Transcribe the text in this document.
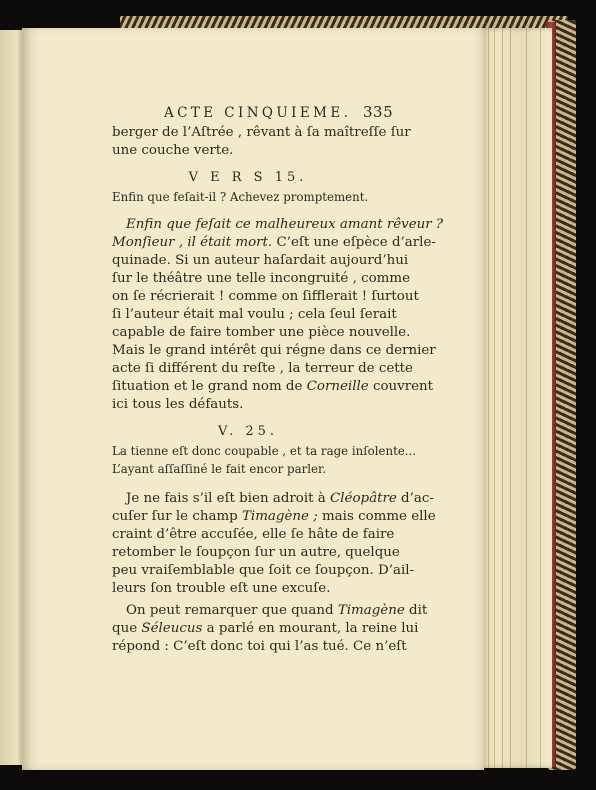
ACTE CINQUIEME. 335
berger de l’Aſtrée , rêvant à ſa maîtreſſe ſur
une couche verte.
V E R S 15.
Enfin que feſait-il ? Achevez promptement.
Enfin que feſait ce malheureux amant rêveur ?
Monſieur , il était mort. C’eſt une eſpèce d’arle-
quinade. Si un auteur haſardait aujourd’hui
ſur le théâtre une telle incongruité , comme
on ſe récrierait ! comme on ſifflerait ! ſurtout
ſi l’auteur était mal voulu ; cela ſeul ſerait
capable de faire tomber une pièce nouvelle.
Mais le grand intérêt qui régne dans ce dernier
acte ſi différent du reſte , la terreur de cette
ſituation et le grand nom de Corneille couvrent
ici tous les défauts.
V. 25.
La tienne eſt donc coupable , et ta rage inſolente...
L’ayant aſſaſſiné le fait encor parler.
Je ne fais s’il eſt bien adroit à Cléopâtre d’ac-
cuſer ſur le champ Timagène ; mais comme elle
craint d’être accuſée, elle ſe hâte de faire
retomber le ſoupçon ſur un autre, quelque
peu vraiſemblable que ſoit ce ſoupçon. D’ail-
leurs ſon trouble eſt une excuſe.
On peut remarquer que quand Timagène dit
que Séleucus a parlé en mourant, la reine lui
répond : C’eſt donc toi qui l’as tué. Ce n’eſt
